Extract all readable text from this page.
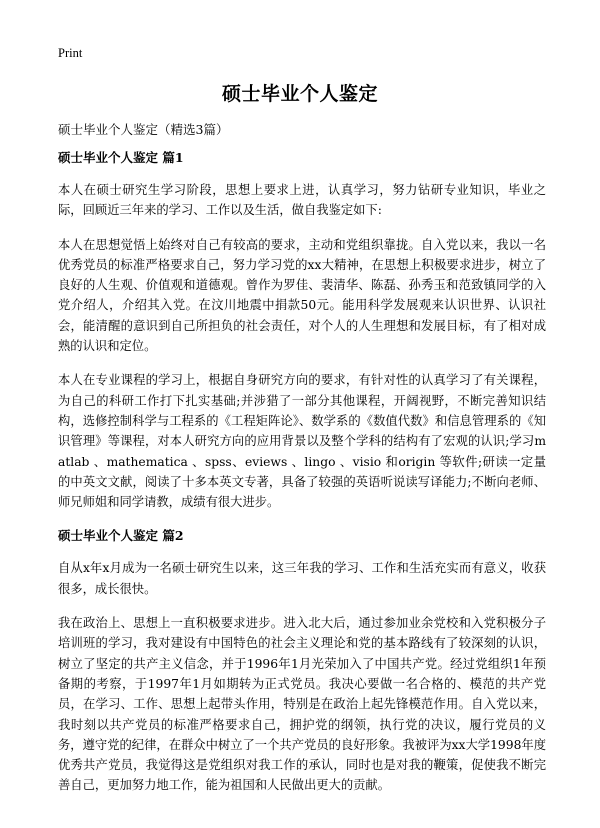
Print
硕士毕业个人鉴定

硕士毕业个人鉴定（精选3篇）

硕士毕业个人鉴定 篇1

本人在硕士研究生学习阶段，思想上要求上进，认真学习，努力钻研专业知识，毕业之际，回顾近三年来的学习、工作以及生活，做自我鉴定如下:

本人在思想觉悟上始终对自己有较高的要求，主动和党组织靠拢。自入党以来，我以一名优秀党员的标准严格要求自己，努力学习党的xx大精神，在思想上积极要求进步，树立了良好的人生观、价值观和道德观。曾作为罗佳、裴清华、陈磊、孙秀玉和范致镇同学的入党介绍人，介绍其入党。在汶川地震中捐款50元。能用科学发展观来认识世界、认识社会，能清醒的意识到自己所担负的社会责任，对个人的人生理想和发展目标，有了相对成熟的认识和定位。

本人在专业课程的学习上，根据自身研究方向的要求，有针对性的认真学习了有关课程，为自己的科研工作打下扎实基础;并涉猎了一部分其他课程，开阔视野，不断完善知识结构，选修控制科学与工程系的《工程矩阵论》、数学系的《数值代数》和信息管理系的《知识管理》等课程，对本人研究方向的应用背景以及整个学科的结构有了宏观的认识;学习matlab 、mathematica 、spss、eviews 、lingo 、visio 和origin 等软件;研读一定量的中英文文献，阅读了十多本英文专著，具备了较强的英语听说读写译能力;不断向老师、师兄师姐和同学请教，成绩有很大进步。

硕士毕业个人鉴定 篇2

自从x年x月成为一名硕士研究生以来，这三年我的学习、工作和生活充实而有意义，收获很多，成长很快。

我在政治上、思想上一直积极要求进步。进入北大后，通过参加业余党校和入党积极分子培训班的学习，我对建设有中国特色的社会主义理论和党的基本路线有了较深刻的认识，树立了坚定的共产主义信念，并于1996年1月光荣加入了中国共产党。经过党组织1年预备期的考察，于1997年1月如期转为正式党员。我决心要做一名合格的、模范的共产党员，在学习、工作、思想上起带头作用，特别是在政治上起先锋模范作用。自入党以来，我时刻以共产党员的标准严格要求自己，拥护党的纲领，执行党的决议，履行党员的义务，遵守党的纪律，在群众中树立了一个共产党员的良好形象。我被评为xx大学1998年度优秀共产党员，我觉得这是党组织对我工作的承认，同时也是对我的鞭策，促使我不断完善自己，更加努力地工作，能为祖国和人民做出更大的贡献。
